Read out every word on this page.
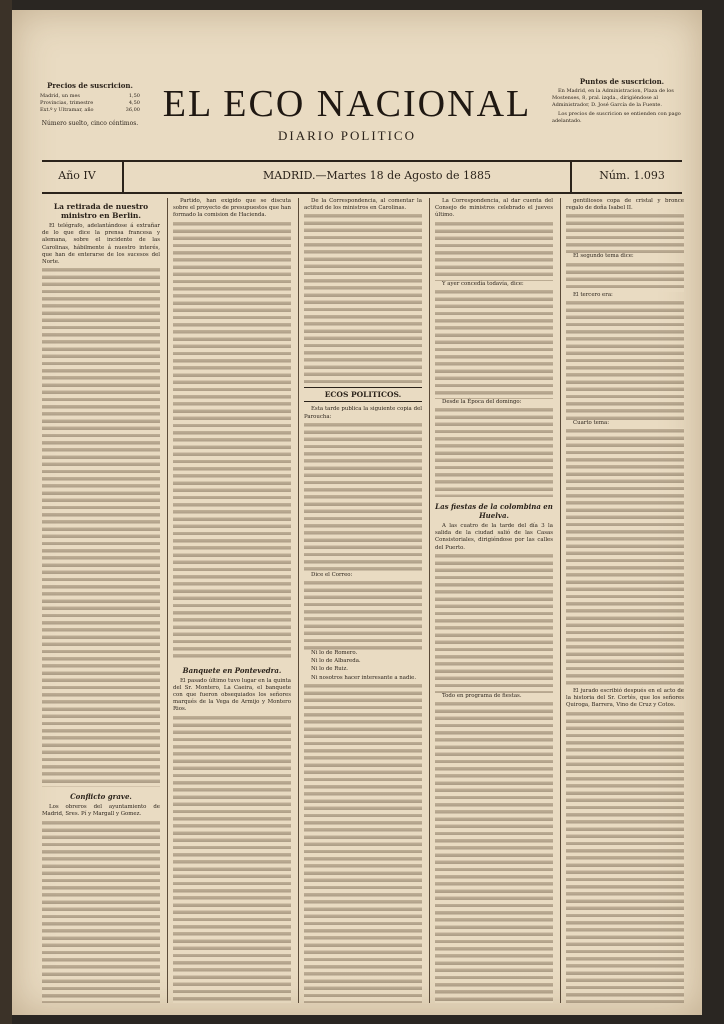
Precios de suscricion.
Madrid, un mes	1,50
Provincias, trimestre	4,50
Ext.º y Ultramar, año	36,00
Número suelto, cinco céntimos. EL ECO NACIONAL
DIARIO POLITICO
Puntos de suscricion.

En Madrid, en la Administracion, Plaza de los Mostenses, 8, pral. izqda., dirigiéndose al Administrador, D. José García de la Fuente.

Los precios de suscricion se entienden con pago adelantado.

Año IV	MADRID.—Martes 18 de Agosto de 1885	Núm. 1.093
La retirada de nuestro ministro en Berlin.

El telégrafo, adelantándose á extrañar de lo que dice la prensa francesa y alemana, sobre el incidente de las Carolinas, hábilmente á nuestro interés, que han de enterarse de los sucesos del Norte.

Conflicto grave.

Los obreros del ayuntamiento de Madrid, Sres. Pí y Margall y Gomez.

Partido, han exigido que se discuta sobre el proyecto de presupuestos que han formado la comision de Hacienda.

Banquete en Pontevedra.

El pasado último tuvo lugar en la quinta del Sr. Montero, La Caeira, el banquete con que fueron obsequiados los señores marqués de la Vega de Armijo y Montero Rios.

De la Correspondencia, al comentar la actitud de los ministros en Carolinas.

ECOS POLITICOS.

Esta tarde publica la siguiente copia del Paroucha:

Dice el Correo:

Ni lo de Romero.

Ni lo de Albareda.

Ni lo de Ruiz.

Ni nosotros hacer interesante a nadie.

La Correspondencia, al dar cuenta del Consejo de ministros celebrado el jueves último.

Y ayer concedía todavía, dice:

Desde la Época del domingo:

Las fiestas de la colombina en Huelva.

A las cuatro de la tarde del día 3 la salida de la ciudad salió de las Casas Consistoriales, dirigiéndose por las calles del Puerto.

Todo en programa de fiestas.

gentiliosos copa de cristal y bronce regalo de doña Isabel II.

El segundo tema dice:

El tercero era:

Cuarto tema:

El jurado escribió después en el acto de la historia del Sr. Cortés, que los señores Quiroga, Barrera, Vino de Cruz y Cotos.
